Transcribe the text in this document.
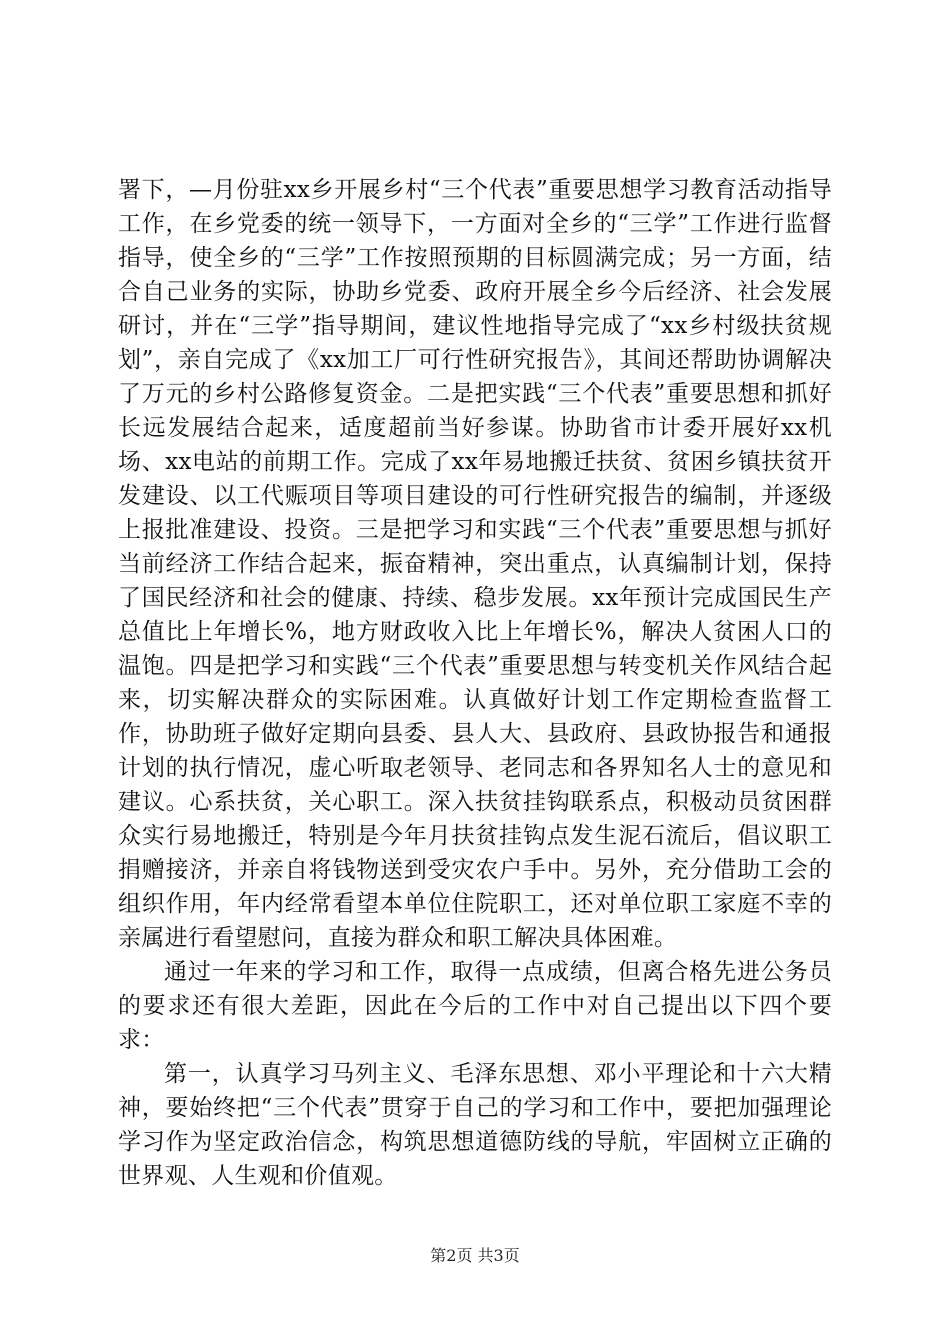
署下，—月份驻xx乡开展乡村“三个代表”重要思想学习教育活动指导工作，在乡党委的统一领导下，一方面对全乡的“三学”工作进行监督指导，使全乡的“三学”工作按照预期的目标圆满完成；另一方面，结合自己业务的实际，协助乡党委、政府开展全乡今后经济、社会发展研讨，并在“三学”指导期间，建议性地指导完成了“xx乡村级扶贫规划”，亲自完成了《xx加工厂可行性研究报告》，其间还帮助协调解决了万元的乡村公路修复资金。二是把实践“三个代表”重要思想和抓好长远发展结合起来，适度超前当好参谋。协助省市计委开展好xx机场、xx电站的前期工作。完成了xx年易地搬迁扶贫、贫困乡镇扶贫开发建设、以工代赈项目等项目建设的可行性研究报告的编制，并逐级上报批准建设、投资。三是把学习和实践“三个代表”重要思想与抓好当前经济工作结合起来，振奋精神，突出重点，认真编制计划，保持了国民经济和社会的健康、持续、稳步发展。xx年预计完成国民生产总值比上年增长%，地方财政收入比上年增长%，解决人贫困人口的温饱。四是把学习和实践“三个代表”重要思想与转变机关作风结合起来，切实解决群众的实际困难。认真做好计划工作定期检查监督工作，协助班子做好定期向县委、县人大、县政府、县政协报告和通报计划的执行情况，虚心听取老领导、老同志和各界知名人士的意见和建议。心系扶贫，关心职工。深入扶贫挂钩联系点，积极动员贫困群众实行易地搬迁，特别是今年月扶贫挂钩点发生泥石流后，倡议职工捐赠接济，并亲自将钱物送到受灾农户手中。另外，充分借助工会的组织作用，年内经常看望本单位住院职工，还对单位职工家庭不幸的亲属进行看望慰问，直接为群众和职工解决具体困难。

通过一年来的学习和工作，取得一点成绩，但离合格先进公务员的要求还有很大差距，因此在今后的工作中对自己提出以下四个要求：

第一，认真学习马列主义、毛泽东思想、邓小平理论和十六大精神，要始终把“三个代表”贯穿于自己的学习和工作中，要把加强理论学习作为坚定政治信念，构筑思想道德防线的导航，牢固树立正确的世界观、人生观和价值观。

第2页 共3页
